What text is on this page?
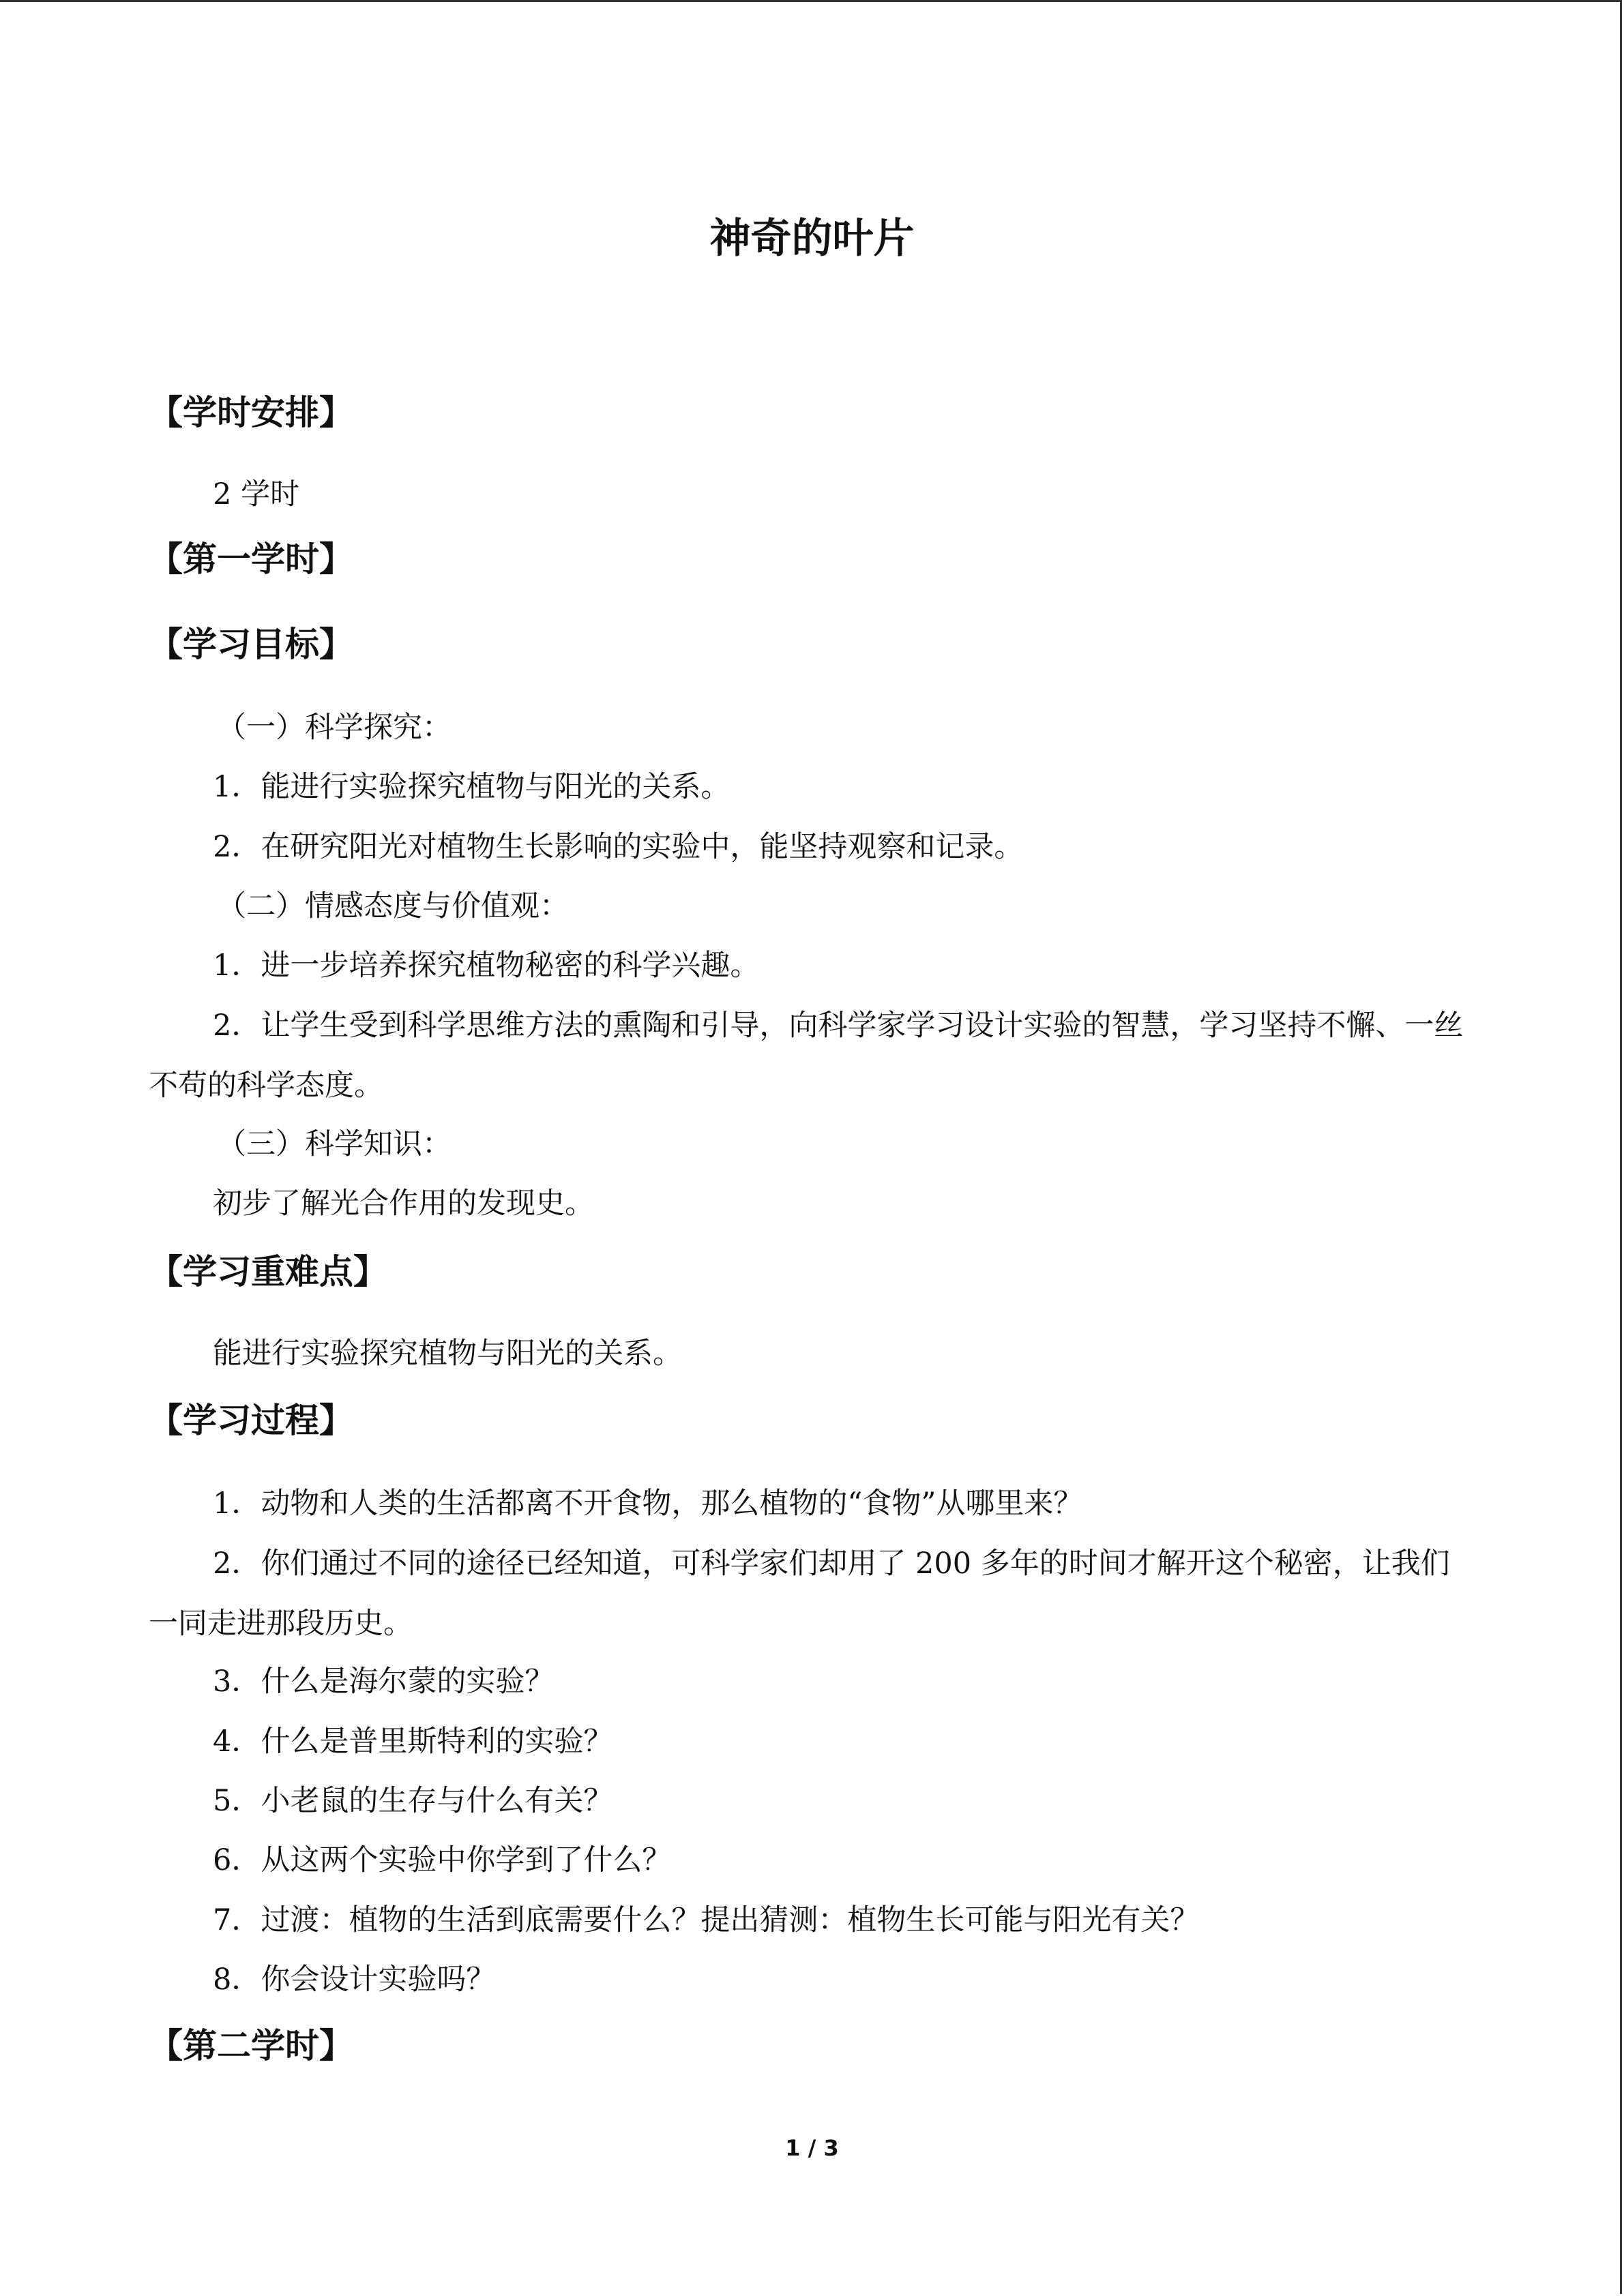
神奇的叶片
【学时安排】
2 学时
【第一学时】
【学习目标】
（一）科学探究：
1．能进行实验探究植物与阳光的关系。
2．在研究阳光对植物生长影响的实验中，能坚持观察和记录。
（二）情感态度与价值观：
1．进一步培养探究植物秘密的科学兴趣。
2．让学生受到科学思维方法的熏陶和引导，向科学家学习设计实验的智慧，学习坚持不懈、一丝不苟的科学态度。
（三）科学知识：
初步了解光合作用的发现史。
【学习重难点】
能进行实验探究植物与阳光的关系。
【学习过程】
1．动物和人类的生活都离不开食物，那么植物的“食物”从哪里来？
2．你们通过不同的途径已经知道，可科学家们却用了 200 多年的时间才解开这个秘密，让我们一同走进那段历史。
3．什么是海尔蒙的实验？
4．什么是普里斯特利的实验？
5．小老鼠的生存与什么有关？
6．从这两个实验中你学到了什么？
7．过渡：植物的生活到底需要什么？提出猜测：植物生长可能与阳光有关？
8．你会设计实验吗？
【第二学时】
1 / 3
